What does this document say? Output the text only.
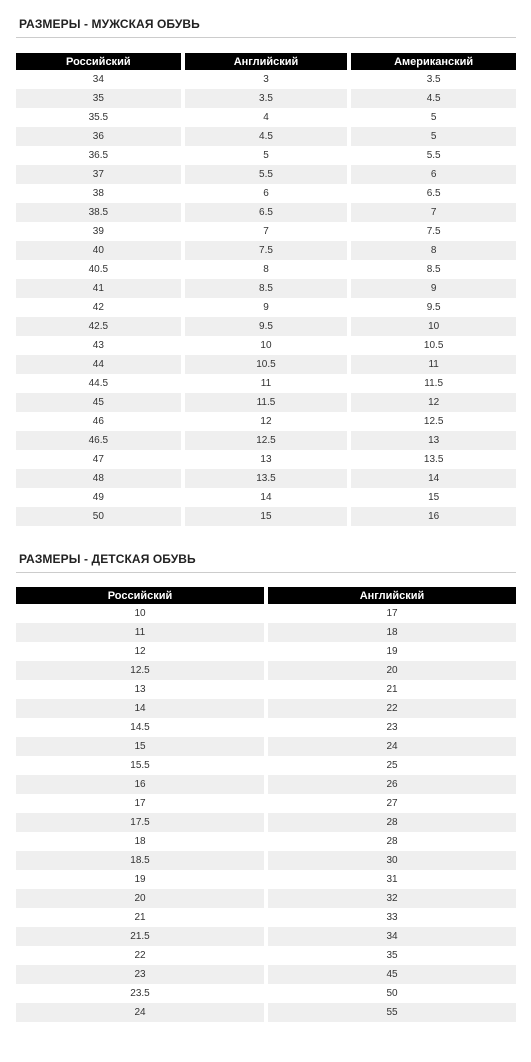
РАЗМЕРЫ - МУЖСКАЯ ОБУВЬ
Российский	Английский	Американский
34	3	3.5
35	3.5	4.5
35.5	4	5
36	4.5	5
36.5	5	5.5
37	5.5	6
38	6	6.5
38.5	6.5	7
39	7	7.5
40	7.5	8
40.5	8	8.5
41	8.5	9
42	9	9.5
42.5	9.5	10
43	10	10.5
44	10.5	11
44.5	11	11.5
45	11.5	12
46	12	12.5
46.5	12.5	13
47	13	13.5
48	13.5	14
49	14	15
50	15	16
РАЗМЕРЫ - ДЕТСКАЯ ОБУВЬ
Российский	Английский
10	17
11	18
12	19
12.5	20
13	21
14	22
14.5	23
15	24
15.5	25
16	26
17	27
17.5	28
18	28
18.5	30
19	31
20	32
21	33
21.5	34
22	35
23	45
23.5	50
24	55
